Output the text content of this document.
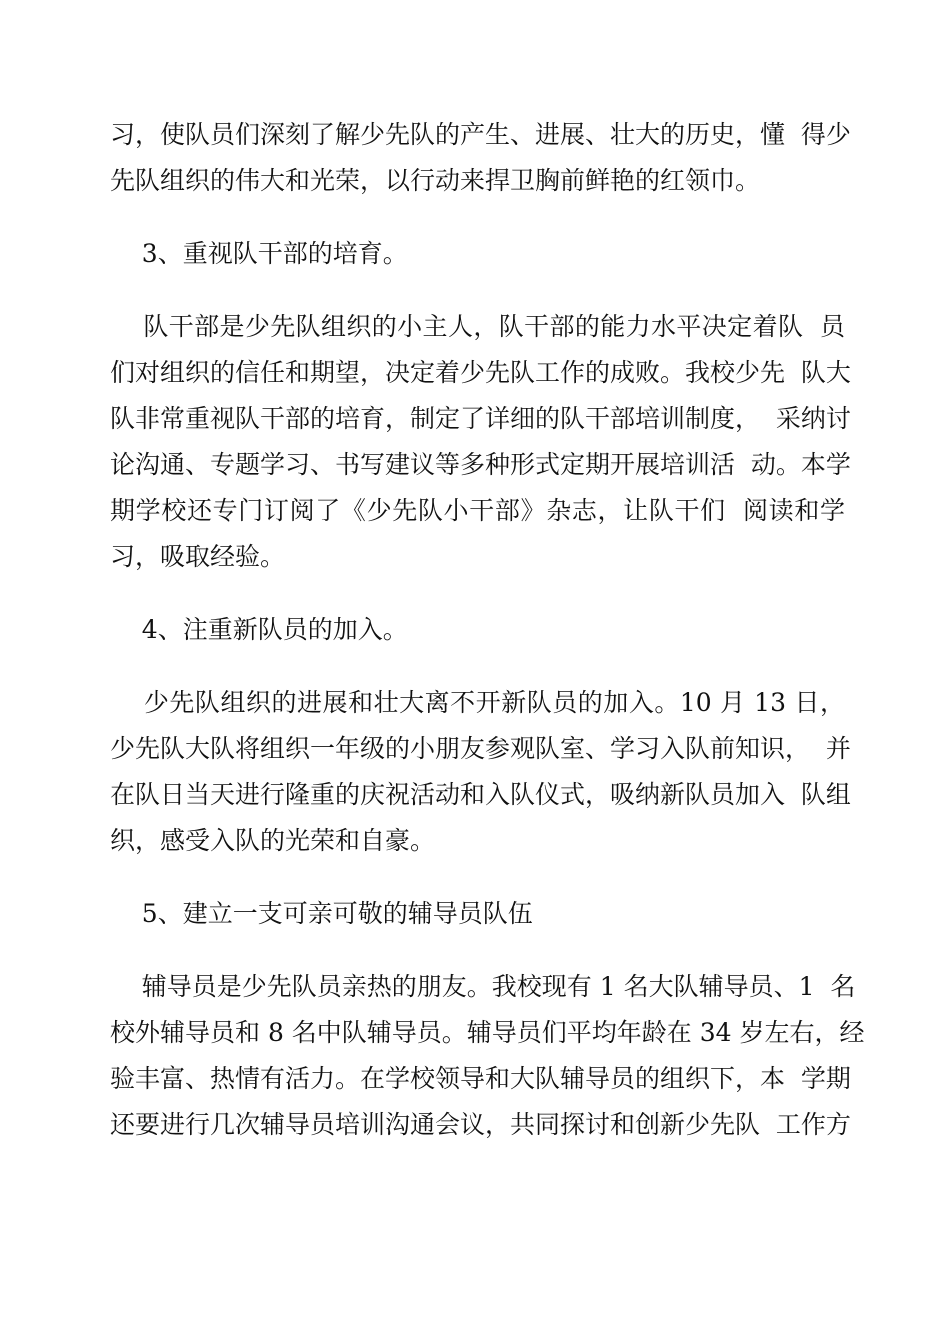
习，使队员们深刻了解少先队的产生、进展、壮大的历史，懂  得少
先队组织的伟大和光荣，以行动来捍卫胸前鲜艳的红领巾。
3、重视队干部的培育。
队干部是少先队组织的小主人，队干部的能力水平决定着队  员
们对组织的信任和期望，决定着少先队工作的成败。我校少先  队大
队非常重视队干部的培育，制定了详细的队干部培训制度，  采纳讨
论沟通、专题学习、书写建议等多种形式定期开展培训活  动。本学
期学校还专门订阅了《少先队小干部》杂志，让队干们  阅读和学
习，吸取经验。
4、注重新队员的加入。
少先队组织的进展和壮大离不开新队员的加入。10 月 13 日，
少先队大队将组织一年级的小朋友参观队室、学习入队前知识，  并
在队日当天进行隆重的庆祝活动和入队仪式，吸纳新队员加入  队组
织，感受入队的光荣和自豪。
5、建立一支可亲可敬的辅导员队伍
辅导员是少先队员亲热的朋友。我校现有 1 名大队辅导员、1  名
校外辅导员和 8 名中队辅导员。辅导员们平均年龄在 34 岁左右，经
验丰富、热情有活力。在学校领导和大队辅导员的组织下，本  学期
还要进行几次辅导员培训沟通会议，共同探讨和创新少先队  工作方
